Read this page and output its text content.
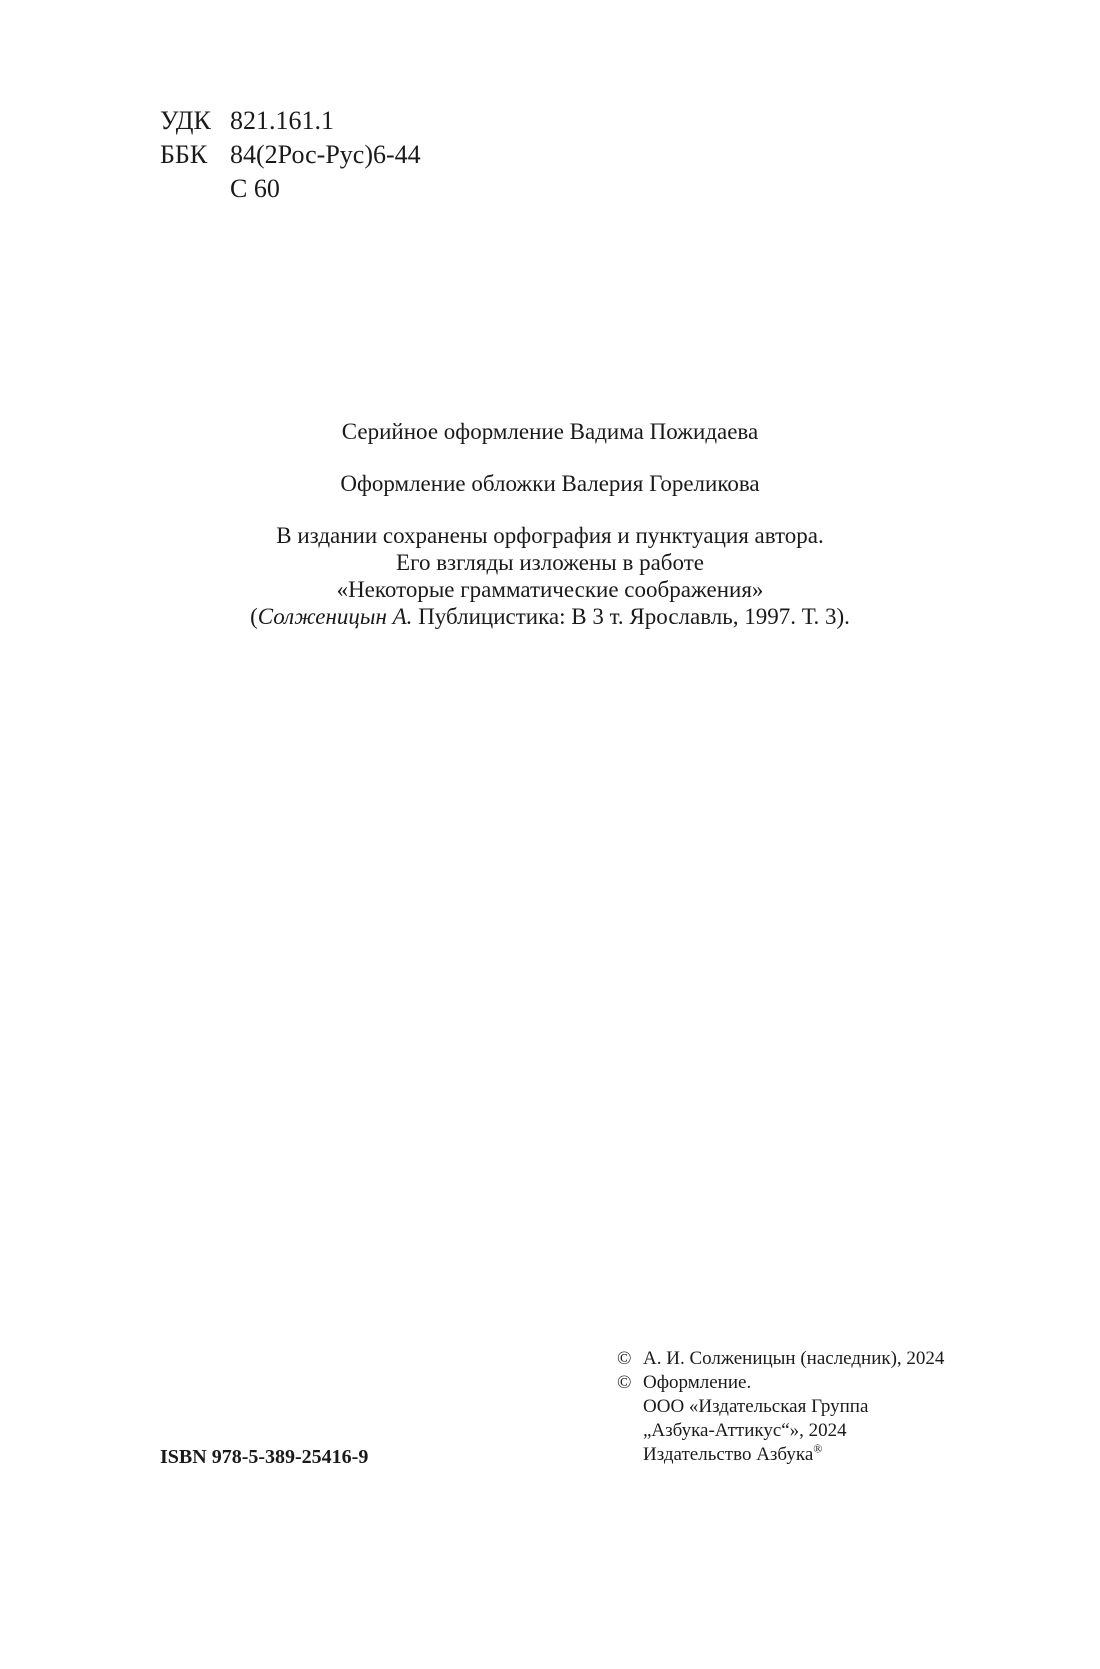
УДК 821.161.1
ББК 84(2Рос-Рус)6-44
С 60

Серийное оформление Вадима Пожидаева

Оформление обложки Валерия Гореликова

В издании сохранены орфография и пунктуация автора.

Его взгляды изложены в работе

«Некоторые грамматические соображения»

(Солженицын А. Публицистика: В 3 т. Ярославль, 1997. Т. 3).

ISBN 978-5-389-25416-9
© А. И. Солженицын (наследник), 2024
© Оформление.
ООО «Издательская Группа
„Азбука-Аттикус“», 2024
Издательство Азбука®
